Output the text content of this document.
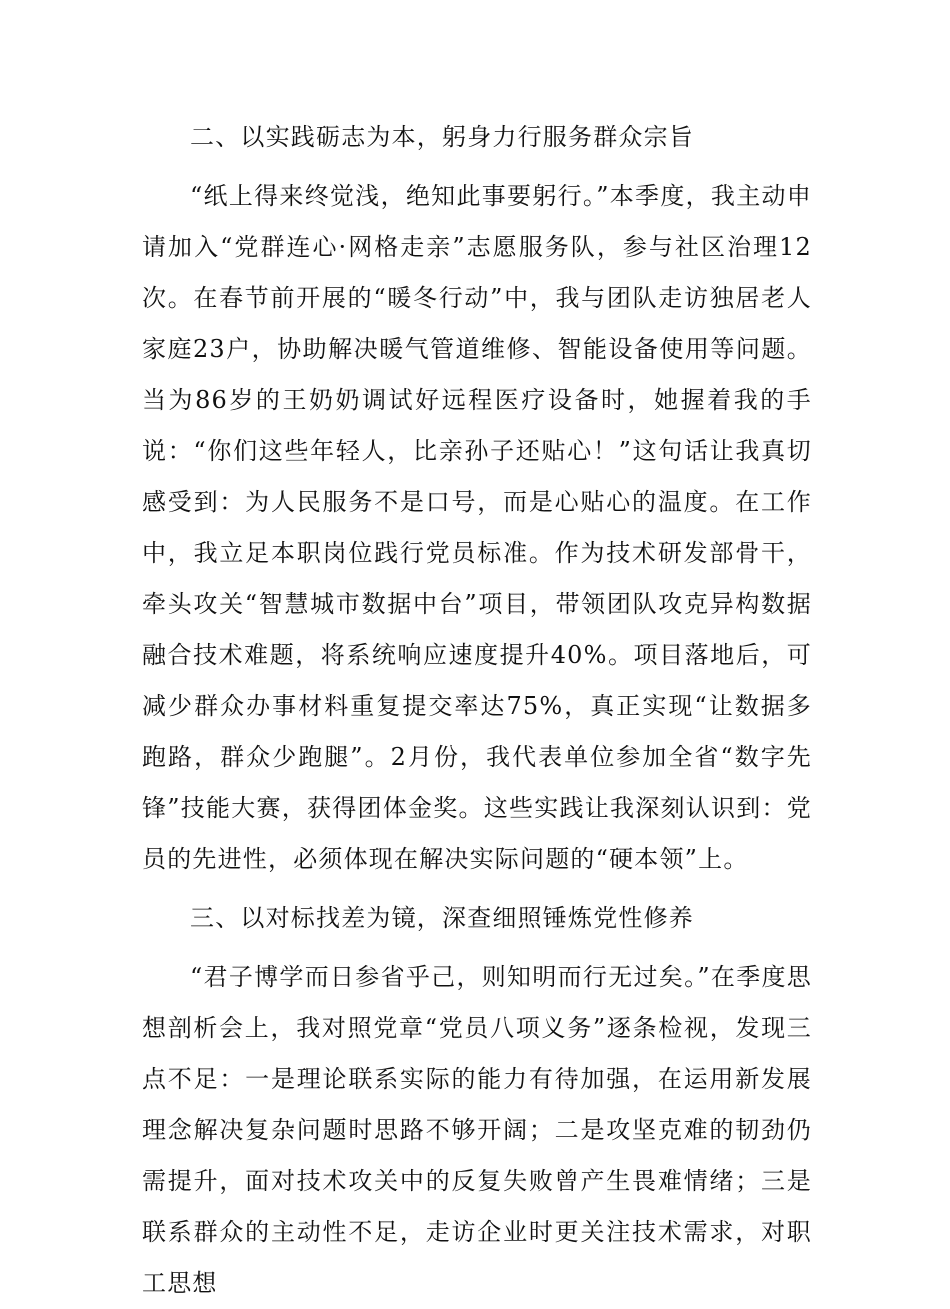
二、以实践砺志为本，躬身力行服务群众宗旨

“纸上得来终觉浅，绝知此事要躬行。”本季度，我主动申请加入“党群连心·网格走亲”志愿服务队，参与社区治理12次。在春节前开展的“暖冬行动”中，我与团队走访独居老人家庭23户，协助解决暖气管道维修、智能设备使用等问题。当为86岁的王奶奶调试好远程医疗设备时，她握着我的手说：“你们这些年轻人，比亲孙子还贴心！”这句话让我真切感受到：为人民服务不是口号，而是心贴心的温度。在工作中，我立足本职岗位践行党员标准。作为技术研发部骨干，牵头攻关“智慧城市数据中台”项目，带领团队攻克异构数据融合技术难题，将系统响应速度提升40%。项目落地后，可减少群众办事材料重复提交率达75%，真正实现“让数据多跑路，群众少跑腿”。2月份，我代表单位参加全省“数字先锋”技能大赛，获得团体金奖。这些实践让我深刻认识到：党员的先进性，必须体现在解决实际问题的“硬本领”上。

三、以对标找差为镜，深查细照锤炼党性修养

“君子博学而日参省乎己，则知明而行无过矣。”在季度思想剖析会上，我对照党章“党员八项义务”逐条检视，发现三点不足：一是理论联系实际的能力有待加强，在运用新发展理念解决复杂问题时思路不够开阔；二是攻坚克难的韧劲仍需提升，面对技术攻关中的反复失败曾产生畏难情绪；三是联系群众的主动性不足，走访企业时更关注技术需求，对职工思想
